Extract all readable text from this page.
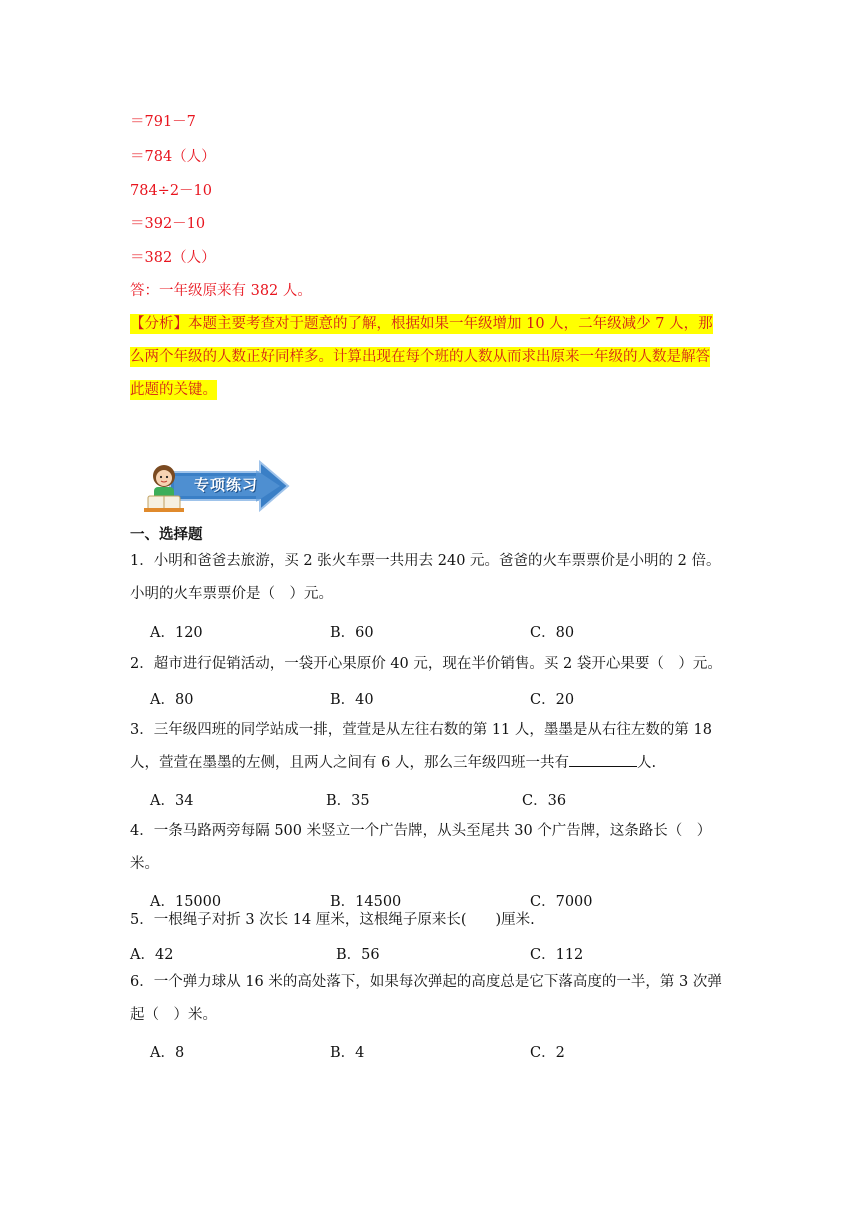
＝791－7
＝784（人）
784÷2－10
＝392－10
＝382（人）
答：一年级原来有 382 人。
【分析】本题主要考查对于题意的了解，根据如果一年级增加 10 人，二年级减少 7 人，那
么两个年级的人数正好同样多。计算出现在每个班的人数从而求出原来一年级的人数是解答
此题的关键。
专项练习
一、选择题
1．小明和爸爸去旅游，买 2 张火车票一共用去 240 元。爸爸的火车票票价是小明的 2 倍。
小明的火车票票价是（　）元。
A．120	B．60	C．80
2．超市进行促销活动，一袋开心果原价 40 元，现在半价销售。买 2 袋开心果要（　）元。
A．80	B．40	C．20
3．三年级四班的同学站成一排，萱萱是从左往右数的第 11 人，墨墨是从右往左数的第 18
人，萱萱在墨墨的左侧，且两人之间有 6 人，那么三年级四班一共有	人.
A．34	B．35	C．36
4．一条马路两旁每隔 500 米竖立一个广告牌，从头至尾共 30 个广告牌，这条路长（　）
米。
A．15000	B．14500	C．7000
5．一根绳子对折 3 次长 14 厘米，这根绳子原来长(　　)厘米.
A．42	B．56	C．112
6．一个弹力球从 16 米的高处落下，如果每次弹起的高度总是它下落高度的一半，第 3 次弹
起（　）米。
A．8	B．4	C．2
